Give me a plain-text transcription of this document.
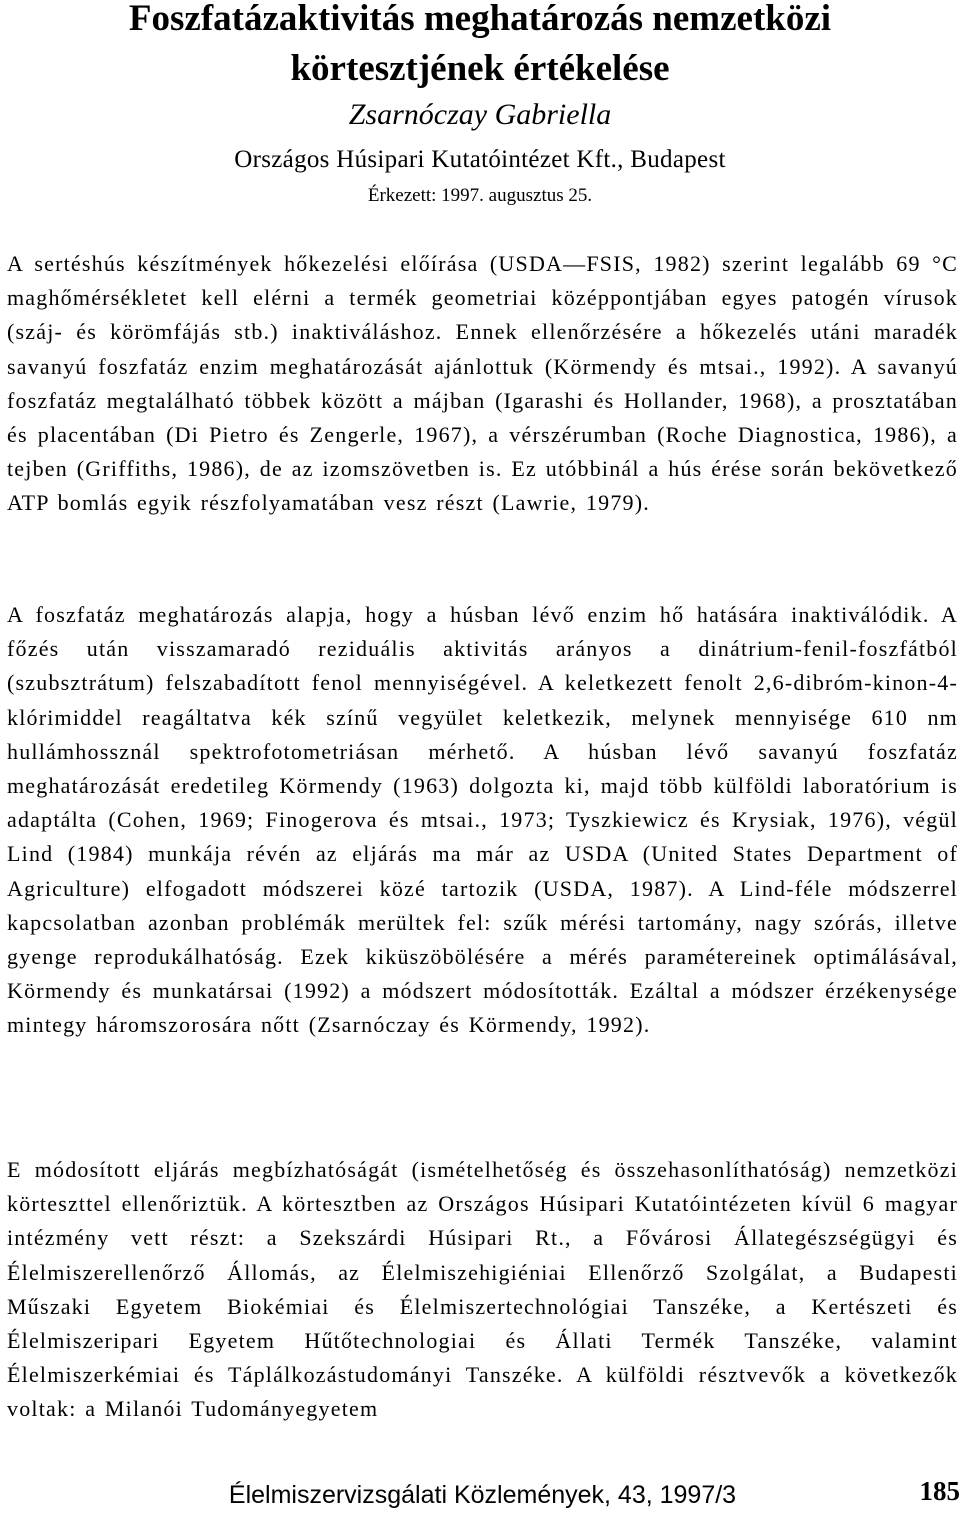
Foszfatázaktivitás meghatározás nemzetközi
körtesztjének értékelése

Zsarnóczay Gabriella

Országos Húsipari Kutatóintézet Kft., Budapest

Érkezett: 1997. augusztus 25.

A sertéshús készítmények hőkezelési előírása (USDA—FSIS, 1982) szerint legalább 69 °C maghőmérsékletet kell elérni a termék geometriai középpontjában egyes patogén vírusok (száj- és körömfájás stb.) inaktiváláshoz. Ennek ellenőrzésére a hőkezelés utáni maradék savanyú foszfatáz enzim meghatározását ajánlottuk (Körmendy és mtsai., 1992). A savanyú foszfatáz megtalálható többek között a májban (Igarashi és Hollander, 1968), a prosztatában és placentában (Di Pietro és Zengerle, 1967), a vérszérumban (Roche Diagnostica, 1986), a tejben (Griffiths, 1986), de az izomszövetben is. Ez utóbbinál a hús érése során bekövetkező ATP bomlás egyik részfolyamatában vesz részt (Lawrie, 1979).

A foszfatáz meghatározás alapja, hogy a húsban lévő enzim hő hatására inaktiválódik. A főzés után visszamaradó reziduális aktivitás arányos a dinátrium-fenil-foszfátból (szubsztrátum) felszabadított fenol mennyiségével. A keletkezett fenolt 2,6-dibróm-kinon-4-klórimiddel reagáltatva kék színű vegyület keletkezik, melynek mennyisége 610 nm hullámhossznál spektrofotometriásan mérhető. A húsban lévő savanyú foszfatáz meghatározását eredetileg Körmendy (1963) dolgozta ki, majd több külföldi laboratórium is adaptálta (Cohen, 1969; Finogerova és mtsai., 1973; Tyszkiewicz és Krysiak, 1976), végül Lind (1984) munkája révén az eljárás ma már az USDA (United States Department of Agriculture) elfogadott módszerei közé tartozik (USDA, 1987). A Lind-féle módszerrel kapcsolatban azonban problémák merültek fel: szűk mérési tartomány, nagy szórás, illetve gyenge reprodukálhatóság. Ezek kiküszöbölésére a mérés paramétereinek optimálásával, Körmendy és munkatársai (1992) a módszert módosították. Ezáltal a módszer érzékenysége mintegy háromszorosára nőtt (Zsarnóczay és Körmendy, 1992).

E módosított eljárás megbízhatóságát (ismételhetőség és összehasonlíthatóság) nemzetközi körteszttel ellenőriztük. A körtesztben az Országos Húsipari Kutatóintézeten kívül 6 magyar intézmény vett részt: a Szekszárdi Húsipari Rt., a Fővárosi Állategészségügyi és Élelmiszerellenőrző Állomás, az Élelmiszehigiéniai Ellenőrző Szolgálat, a Budapesti Műszaki Egyetem Biokémiai és Élelmiszertechnológiai Tanszéke, a Kertészeti és Élelmiszeripari Egyetem Hűtőtechnologiai és Állati Termék Tanszéke, valamint Élelmiszerkémiai és Táplálkozástudományi Tanszéke. A külföldi résztvevők a következők voltak: a Milanói Tudományegyetem

Élelmiszervizsgálati Közlemények, 43, 1997/3	185
